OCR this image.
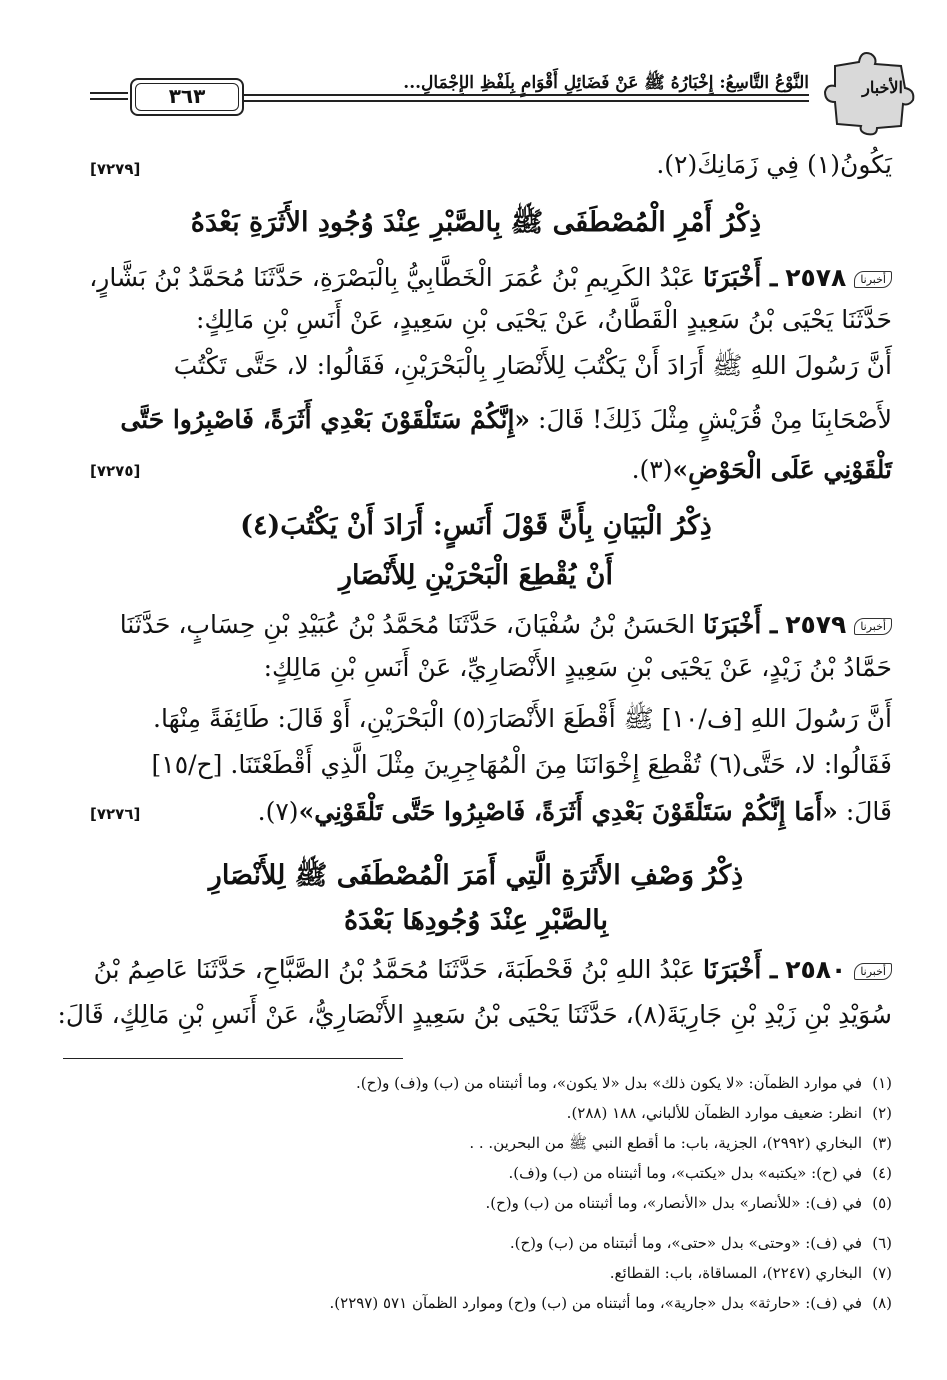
الأخبار
النَّوْعُ التَّاسِعُ: إِخْبَارُهُ ﷺ عَنْ فَضَائِلِ أَقْوَامٍ بِلَفْظِ الإِجْمَالِ...
٣٦٣
يَكُونُ(١) فِي زَمَانِكَ(٢).
[٧٢٧٩]
ذِكْرُ أَمْرِ الْمُصْطَفَى ﷺ بِالصَّبْرِ عِنْدَ وُجُودِ الأَثَرَةِ بَعْدَهُ
أخبرنا٢٥٧٨ ـ أَخْبَرَنَا عَبْدُ الكَرِيمِ بْنُ عُمَرَ الْخَطَّابِيُّ بِالْبَصْرَةِ، حَدَّثَنَا مُحَمَّدُ بْنُ بَشَّارٍ،
حَدَّثَنَا يَحْيَى بْنُ سَعِيدٍ الْقَطَّانُ، عَنْ يَحْيَى بْنِ سَعِيدٍ، عَنْ أَنَسِ بْنِ مَالِكٍ:
أَنَّ رَسُولَ اللهِ ﷺ أَرَادَ أَنْ يَكْتُبَ لِلأَنْصَارِ بِالْبَحْرَيْنِ، فَقَالُوا: لا، حَتَّى تَكْتُبَ
لأَصْحَابِنَا مِنْ قُرَيْشٍ مِثْلَ ذَلِكَ! قَالَ: «إِنَّكُمْ سَتَلْقَوْنَ بَعْدِي أَثَرَةً، فَاصْبِرُوا حَتَّى
تَلْقَوْنِي عَلَى الْحَوْضِ»(٣).
[٧٢٧٥]
ذِكْرُ الْبَيَانِ بِأَنَّ قَوْلَ أَنَسٍ: أَرَادَ أَنْ يَكْتُبَ(٤)
أَنْ يُقْطِعَ الْبَحْرَيْنِ لِلأَنْصَارِ
أخبرنا٢٥٧٩ ـ أَخْبَرَنَا الحَسَنُ بْنُ سُفْيَانَ، حَدَّثَنَا مُحَمَّدُ بْنُ عُبَيْدِ بْنِ حِسَابٍ، حَدَّثَنَا
حَمَّادُ بْنُ زَيْدٍ، عَنْ يَحْيَى بْنِ سَعِيدٍ الأَنْصَارِيِّ، عَنْ أَنَسِ بْنِ مَالِكٍ:
أَنَّ رَسُولَ اللهِ [ف/١٠] ﷺ أَقْطَعَ الأَنْصَارَ(٥) الْبَحْرَيْنِ، أَوْ قَالَ: طَائِفَةً مِنْهَا.
فَقَالُوا: لا، حَتَّى(٦) تُقْطِعَ إِخْوَانَنَا مِنَ الْمُهَاجِرِينَ مِثْلَ الَّذِي أَقْطَعْتَنَا. [ح/١٥]
قَالَ: «أَمَا إِنَّكُمْ سَتَلْقَوْنَ بَعْدِي أَثَرَةً، فَاصْبِرُوا حَتَّى تَلْقَوْنِي»(٧).
[٧٢٧٦]
ذِكْرُ وَصْفِ الأَثَرَةِ الَّتِي أَمَرَ الْمُصْطَفَى ﷺ لِلأَنْصَارِ
بِالصَّبْرِ عِنْدَ وُجُودِهَا بَعْدَهُ
أخبرنا٢٥٨٠ ـ أَخْبَرَنَا عَبْدُ اللهِ بْنُ قَحْطَبَةَ، حَدَّثَنَا مُحَمَّدُ بْنُ الصَّبَّاحِ، حَدَّثَنَا عَاصِمُ بْنُ
سُوَيْدِ بْنِ زَيْدِ بْنِ جَارِيَةَ(٨)، حَدَّثَنَا يَحْيَى بْنُ سَعِيدٍ الأَنْصَارِيُّ، عَنْ أَنَسِ بْنِ مَالِكٍ، قَالَ:
(١)في موارد الظمآن: «لا يكون ذلك» بدل «لا يكون»، وما أثبتناه من (ب) و(ف) و(ح).
(٢)انظر: ضعيف موارد الظمآن للألباني، ١٨٨ (٢٨٨).
(٣)البخاري (٢٩٩٢)، الجزية، باب: ما أقطع النبي ﷺ من البحرين. . .
(٤)في (ح): «يكتبه» بدل «يكتب»، وما أثبتناه من (ب) و(ف).
(٥)في (ف): «للأنصار» بدل «الأنصار»، وما أثبتناه من (ب) و(ح).
(٦)في (ف): «وحتى» بدل «حتى»، وما أثبتناه من (ب) و(ح).
(٧)البخاري (٢٢٤٧)، المساقاة، باب: القطائع.
(٨)في (ف): «حارثة» بدل «جارية»، وما أثبتناه من (ب) و(ح) وموارد الظمآن ٥٧١ (٢٢٩٧).
